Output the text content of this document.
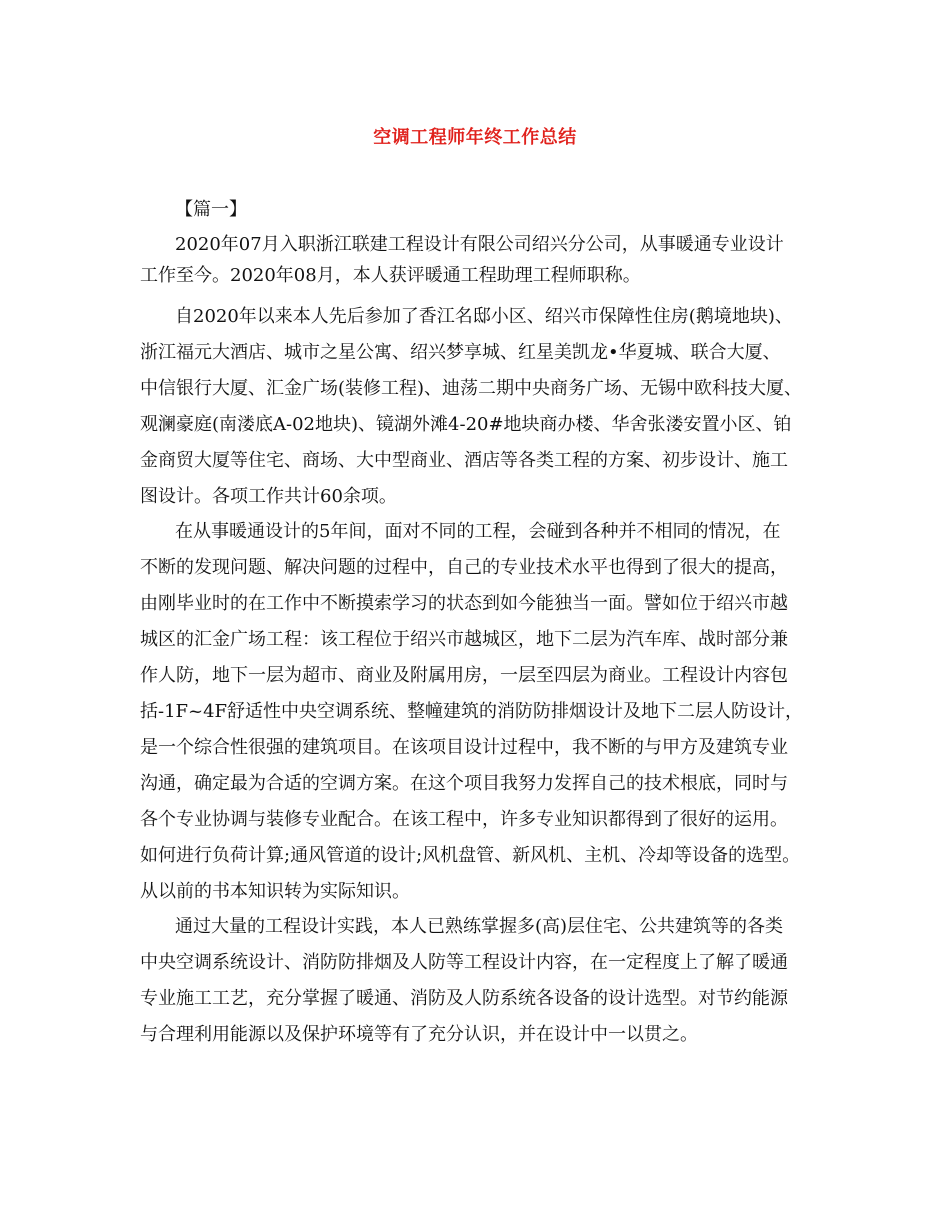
空调工程师年终工作总结
【篇一】
2020年07月入职浙江联建工程设计有限公司绍兴分公司，从事暖通专业设计
工作至今。2020年08月，本人获评暖通工程助理工程师职称。
自2020年以来本人先后参加了香江名邸小区、绍兴市保障性住房(鹅境地块)、
浙江福元大酒店、城市之星公寓、绍兴梦享城、红星美凯龙•华夏城、联合大厦、
中信银行大厦、汇金广场(装修工程)、迪荡二期中央商务广场、无锡中欧科技大厦、
观澜豪庭(南溇底A-02地块)、镜湖外滩4-20#地块商办楼、华舍张溇安置小区、铂
金商贸大厦等住宅、商场、大中型商业、酒店等各类工程的方案、初步设计、施工
图设计。各项工作共计60余项。
在从事暖通设计的5年间，面对不同的工程，会碰到各种并不相同的情况，在
不断的发现问题、解决问题的过程中，自己的专业技术水平也得到了很大的提高，
由刚毕业时的在工作中不断摸索学习的状态到如今能独当一面。譬如位于绍兴市越
城区的汇金广场工程：该工程位于绍兴市越城区，地下二层为汽车库、战时部分兼
作人防，地下一层为超市、商业及附属用房，一层至四层为商业。工程设计内容包
括-1F~4F舒适性中央空调系统、整幢建筑的消防防排烟设计及地下二层人防设计，
是一个综合性很强的建筑项目。在该项目设计过程中，我不断的与甲方及建筑专业
沟通，确定最为合适的空调方案。在这个项目我努力发挥自己的技术根底，同时与
各个专业协调与装修专业配合。在该工程中，许多专业知识都得到了很好的运用。
如何进行负荷计算;通风管道的设计;风机盘管、新风机、主机、冷却等设备的选型。
从以前的书本知识转为实际知识。
通过大量的工程设计实践，本人已熟练掌握多(高)层住宅、公共建筑等的各类
中央空调系统设计、消防防排烟及人防等工程设计内容，在一定程度上了解了暖通
专业施工工艺，充分掌握了暖通、消防及人防系统各设备的设计选型。对节约能源
与合理利用能源以及保护环境等有了充分认识，并在设计中一以贯之。
